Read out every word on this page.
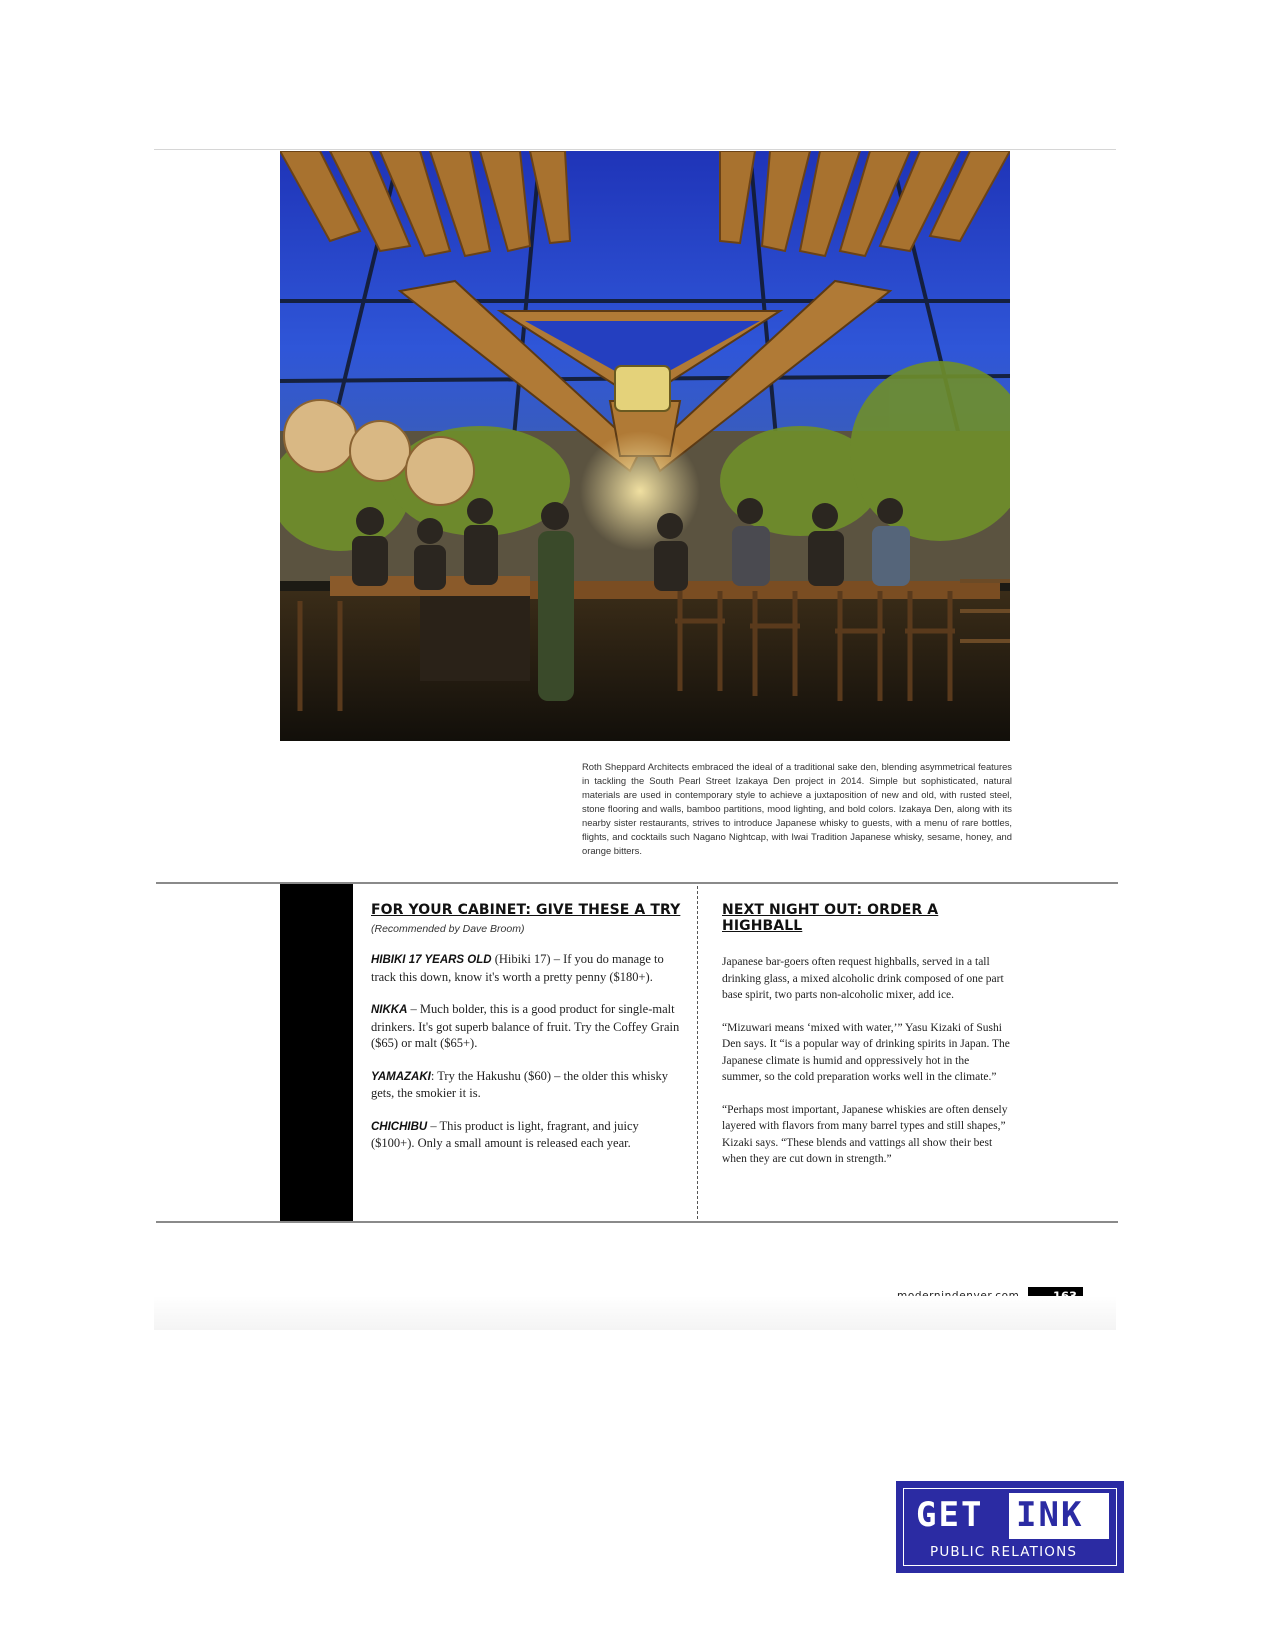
Roth Sheppard Architects embraced the ideal of a traditional sake den, blending asymmetrical features in tackling the South Pearl Street Izakaya Den project in 2014. Simple but sophisticated, natural materials are used in contemporary style to achieve a juxtaposition of new and old, with rusted steel, stone flooring and walls, bamboo partitions, mood lighting, and bold colors. Izakaya Den, along with its nearby sister restaurants, strives to introduce Japanese whisky to guests, with a menu of rare bottles, flights, and cocktails such Nagano Nightcap, with Iwai Tradition Japanese whisky, sesame, honey, and orange bitters.

FOR YOUR CABINET: GIVE THESE A TRY

(Recommended by Dave Broom)

HIBIKI 17 YEARS OLD (Hibiki 17) – If you do manage to track this down, know it's worth a pretty penny ($180+).

NIKKA – Much bolder, this is a good product for single-malt drinkers. It's got superb balance of fruit. Try the Coffey Grain ($65) or malt ($65+).

YAMAZAKI: Try the Hakushu ($60) – the older this whisky gets, the smokier it is.

CHICHIBU – This product is light, fragrant, and juicy ($100+). Only a small amount is released each year.

NEXT NIGHT OUT: ORDER A HIGHBALL

Japanese bar-goers often request highballs, served in a tall drinking glass, a mixed alcoholic drink composed of one part base spirit, two parts non-alcoholic mixer, add ice.

“Mizuwari means ‘mixed with water,’” Yasu Kizaki of Sushi Den says. It “is a popular way of drinking spirits in Japan. The Japanese climate is humid and oppressively hot in the summer, so the cold preparation works well in the climate.”

“Perhaps most important, Japanese whiskies are often densely layered with flavors from many barrel types and still shapes,” Kizaki says. “These blends and vattings all show their best when they are cut down in strength.”

GET INK
PUBLIC RELATIONS
